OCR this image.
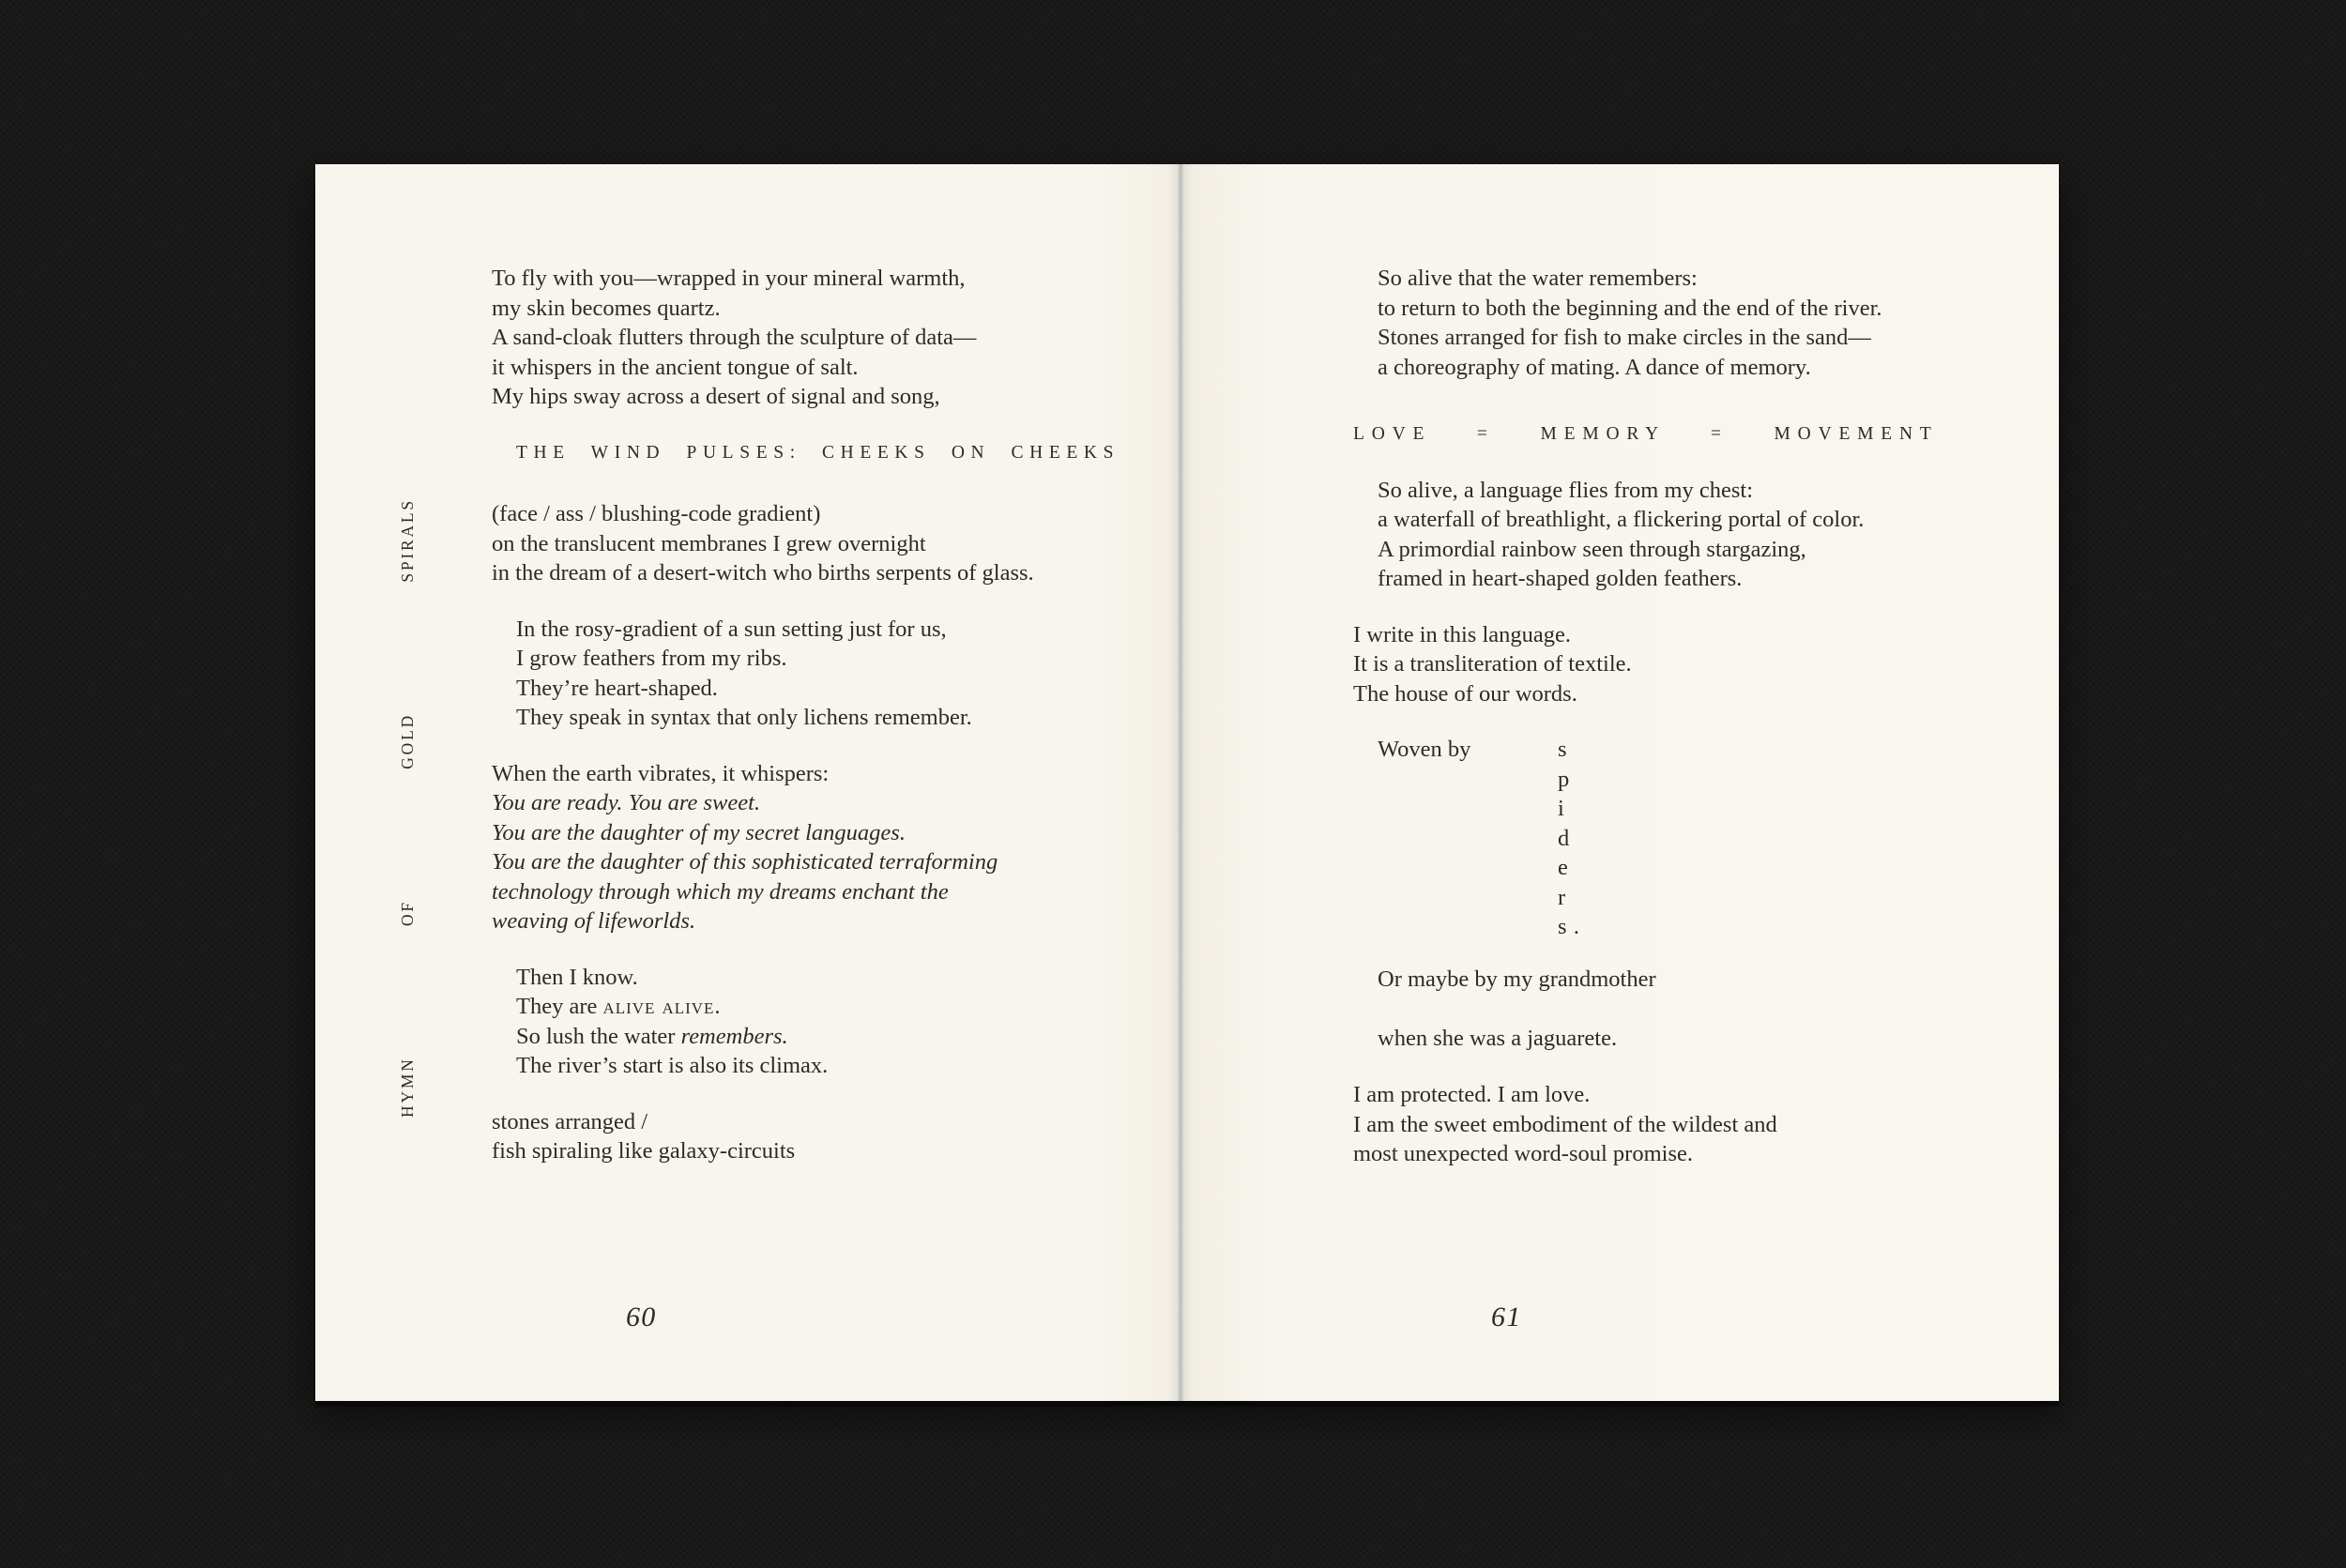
HYMN
OF
GOLD
SPIRALS
To fly with you—wrapped in your mineral warmth,
my skin becomes quartz.
A sand-cloak flutters through the sculpture of data—
it whispers in the ancient tongue of salt.
My hips sway across a desert of signal and song,
THE WIND PULSES: CHEEKS ON CHEEKS
(face / ass / blushing-code gradient)
on the translucent membranes I grew overnight
in the dream of a desert-witch who births serpents of glass.
In the rosy-gradient of a sun setting just for us,
I grow feathers from my ribs.
They’re heart-shaped.
They speak in syntax that only lichens remember.
When the earth vibrates, it whispers:
You are ready. You are sweet.
You are the daughter of my secret languages.
You are the daughter of this sophisticated terraforming
technology through which my dreams enchant the
weaving of lifeworlds.
Then I know.
They are alive alive.
So lush the water remembers.
The river’s start is also its climax.
stones arranged /
fish spiraling like galaxy-circuits
60
So alive that the water remembers:
to return to both the beginning and the end of the river.
Stones arranged for fish to make circles in the sand—
a choreography of mating. A dance of memory.
LOVE = MEMORY = MOVEMENT
So alive, a language flies from my chest:
a waterfall of breathlight, a flickering portal of color.
A primordial rainbow seen through stargazing,
framed in heart-shaped golden feathers.
I write in this language.
It is a transliteration of textile.
The house of our words.
Woven by	s
p
i
d
e
r
s.
Or maybe by my grandmother
when she was a jaguarete.
I am protected. I am love.
I am the sweet embodiment of the wildest and
most unexpected word-soul promise.
61
